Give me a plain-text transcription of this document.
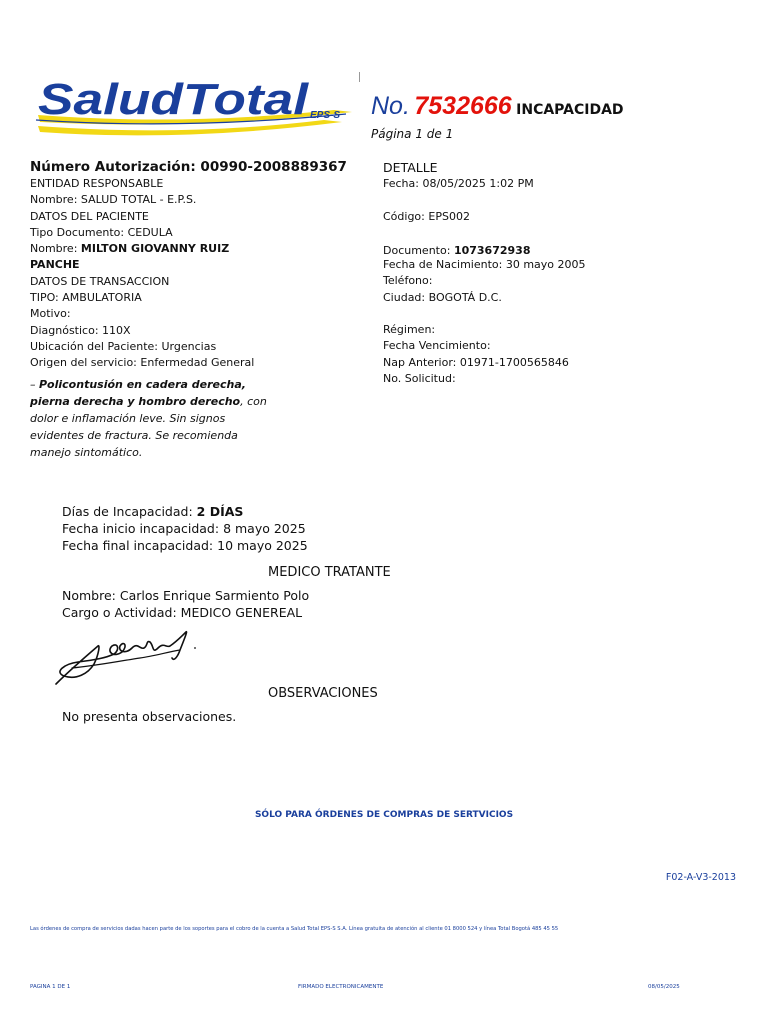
SaludTotal EPS-S No. 7532666 INCAPACIDAD
Página 1 de 1
Número Autorización: 00990-2008889367
ENTIDAD RESPONSABLE
Nombre: SALUD TOTAL - E.P.S.
DATOS DEL PACIENTE
Tipo Documento: CEDULA
Nombre: MILTON GIOVANNY RUIZ PANCHE
DATOS DE TRANSACCION
TIPO: AMBULATORIA
Motivo:
Diagnóstico: 110X
Ubicación del Paciente: Urgencias
Origen del servicio: Enfermedad General
– Policontusión en cadera derecha, pierna derecha y hombro derecho, con dolor e inflamación leve. Sin signos evidentes de fractura. Se recomienda manejo sintomático.
DETALLE
Fecha: 08/05/2025 1:02 PM
Código: EPS002
Documento: 1073672938
Fecha de Nacimiento: 30 mayo 2005
Teléfono:
Ciudad: BOGOTÁ D.C.
Régimen:
Fecha Vencimiento:
Nap Anterior: 01971-1700565846
No. Solicitud:
Días de Incapacidad: 2 DÍAS
Fecha inicio incapacidad: 8 mayo 2025
Fecha final incapacidad: 10 mayo 2025
MEDICO TRATANTE
Nombre: Carlos Enrique Sarmiento Polo
Cargo o Actividad: MEDICO GENEREAL
OBSERVACIONES
No presenta observaciones.
SÓLO PARA ÓRDENES DE COMPRAS DE SERTVICIOS
F02-A-V3-2013
Las órdenes de compra de servicios dadas hacen parte de los soportes para el cobro de la cuenta a Salud Total EPS-S S.A. Línea gratuita de atención al cliente 01 8000 524 y línea Total Bogotá 485 45 55
PAGINA 1 DE 1	FIRMADO ELECTRONICAMENTE	08/05/2025
